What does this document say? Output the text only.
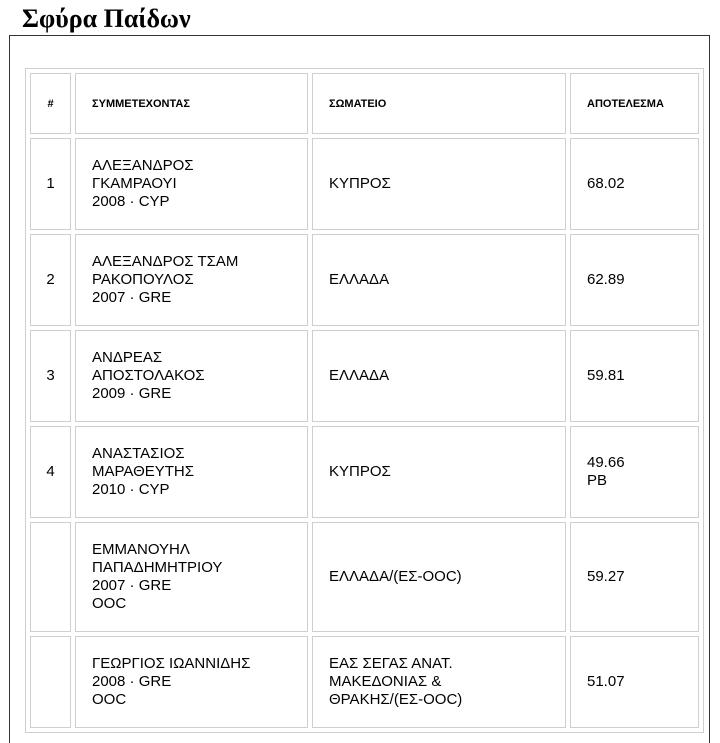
Σφύρα Παίδων
#	ΣΥΜΜΕΤΕΧΟΝΤΑΣ	ΣΩΜΑΤΕΙΟ	ΑΠΟΤΕΛΕΣΜΑ
1	ΑΛΕΞΑΝΔΡΟΣ
ΓΚΑΜΡΑΟΥΙ
2008 · CYP	ΚΥΠΡΟΣ	68.02

2	ΑΛΕΞΑΝΔΡΟΣ ΤΣΑΜ
ΡΑΚΟΠΟΥΛΟΣ
2007 · GRE	ΕΛΛΑΔΑ	62.89

3	ΑΝΔΡΕΑΣ
ΑΠΟΣΤΟΛΑΚΟΣ
2009 · GRE	ΕΛΛΑΔΑ	59.81

4	ΑΝΑΣΤΑΣΙΟΣ
ΜΑΡΑΘΕΥΤΗΣ
2010 · CYP	ΚΥΠΡΟΣ	49.66
PB

	ΕΜΜΑΝΟΥΗΛ
ΠΑΠΑΔΗΜΗΤΡΙΟΥ
2007 · GRE
OOC	ΕΛΛΑΔΑ/(ΕΣ-ΟΟC)	59.27

	ΓΕΩΡΓΙΟΣ ΙΩΑΝΝΙΔΗΣ
2008 · GRE
OOC	ΕΑΣ ΣΕΓΑΣ ΑΝΑΤ.
ΜΑΚΕΔΟΝΙΑΣ &
ΘΡΑΚΗΣ/(ΕΣ-ΟΟC)	51.07
